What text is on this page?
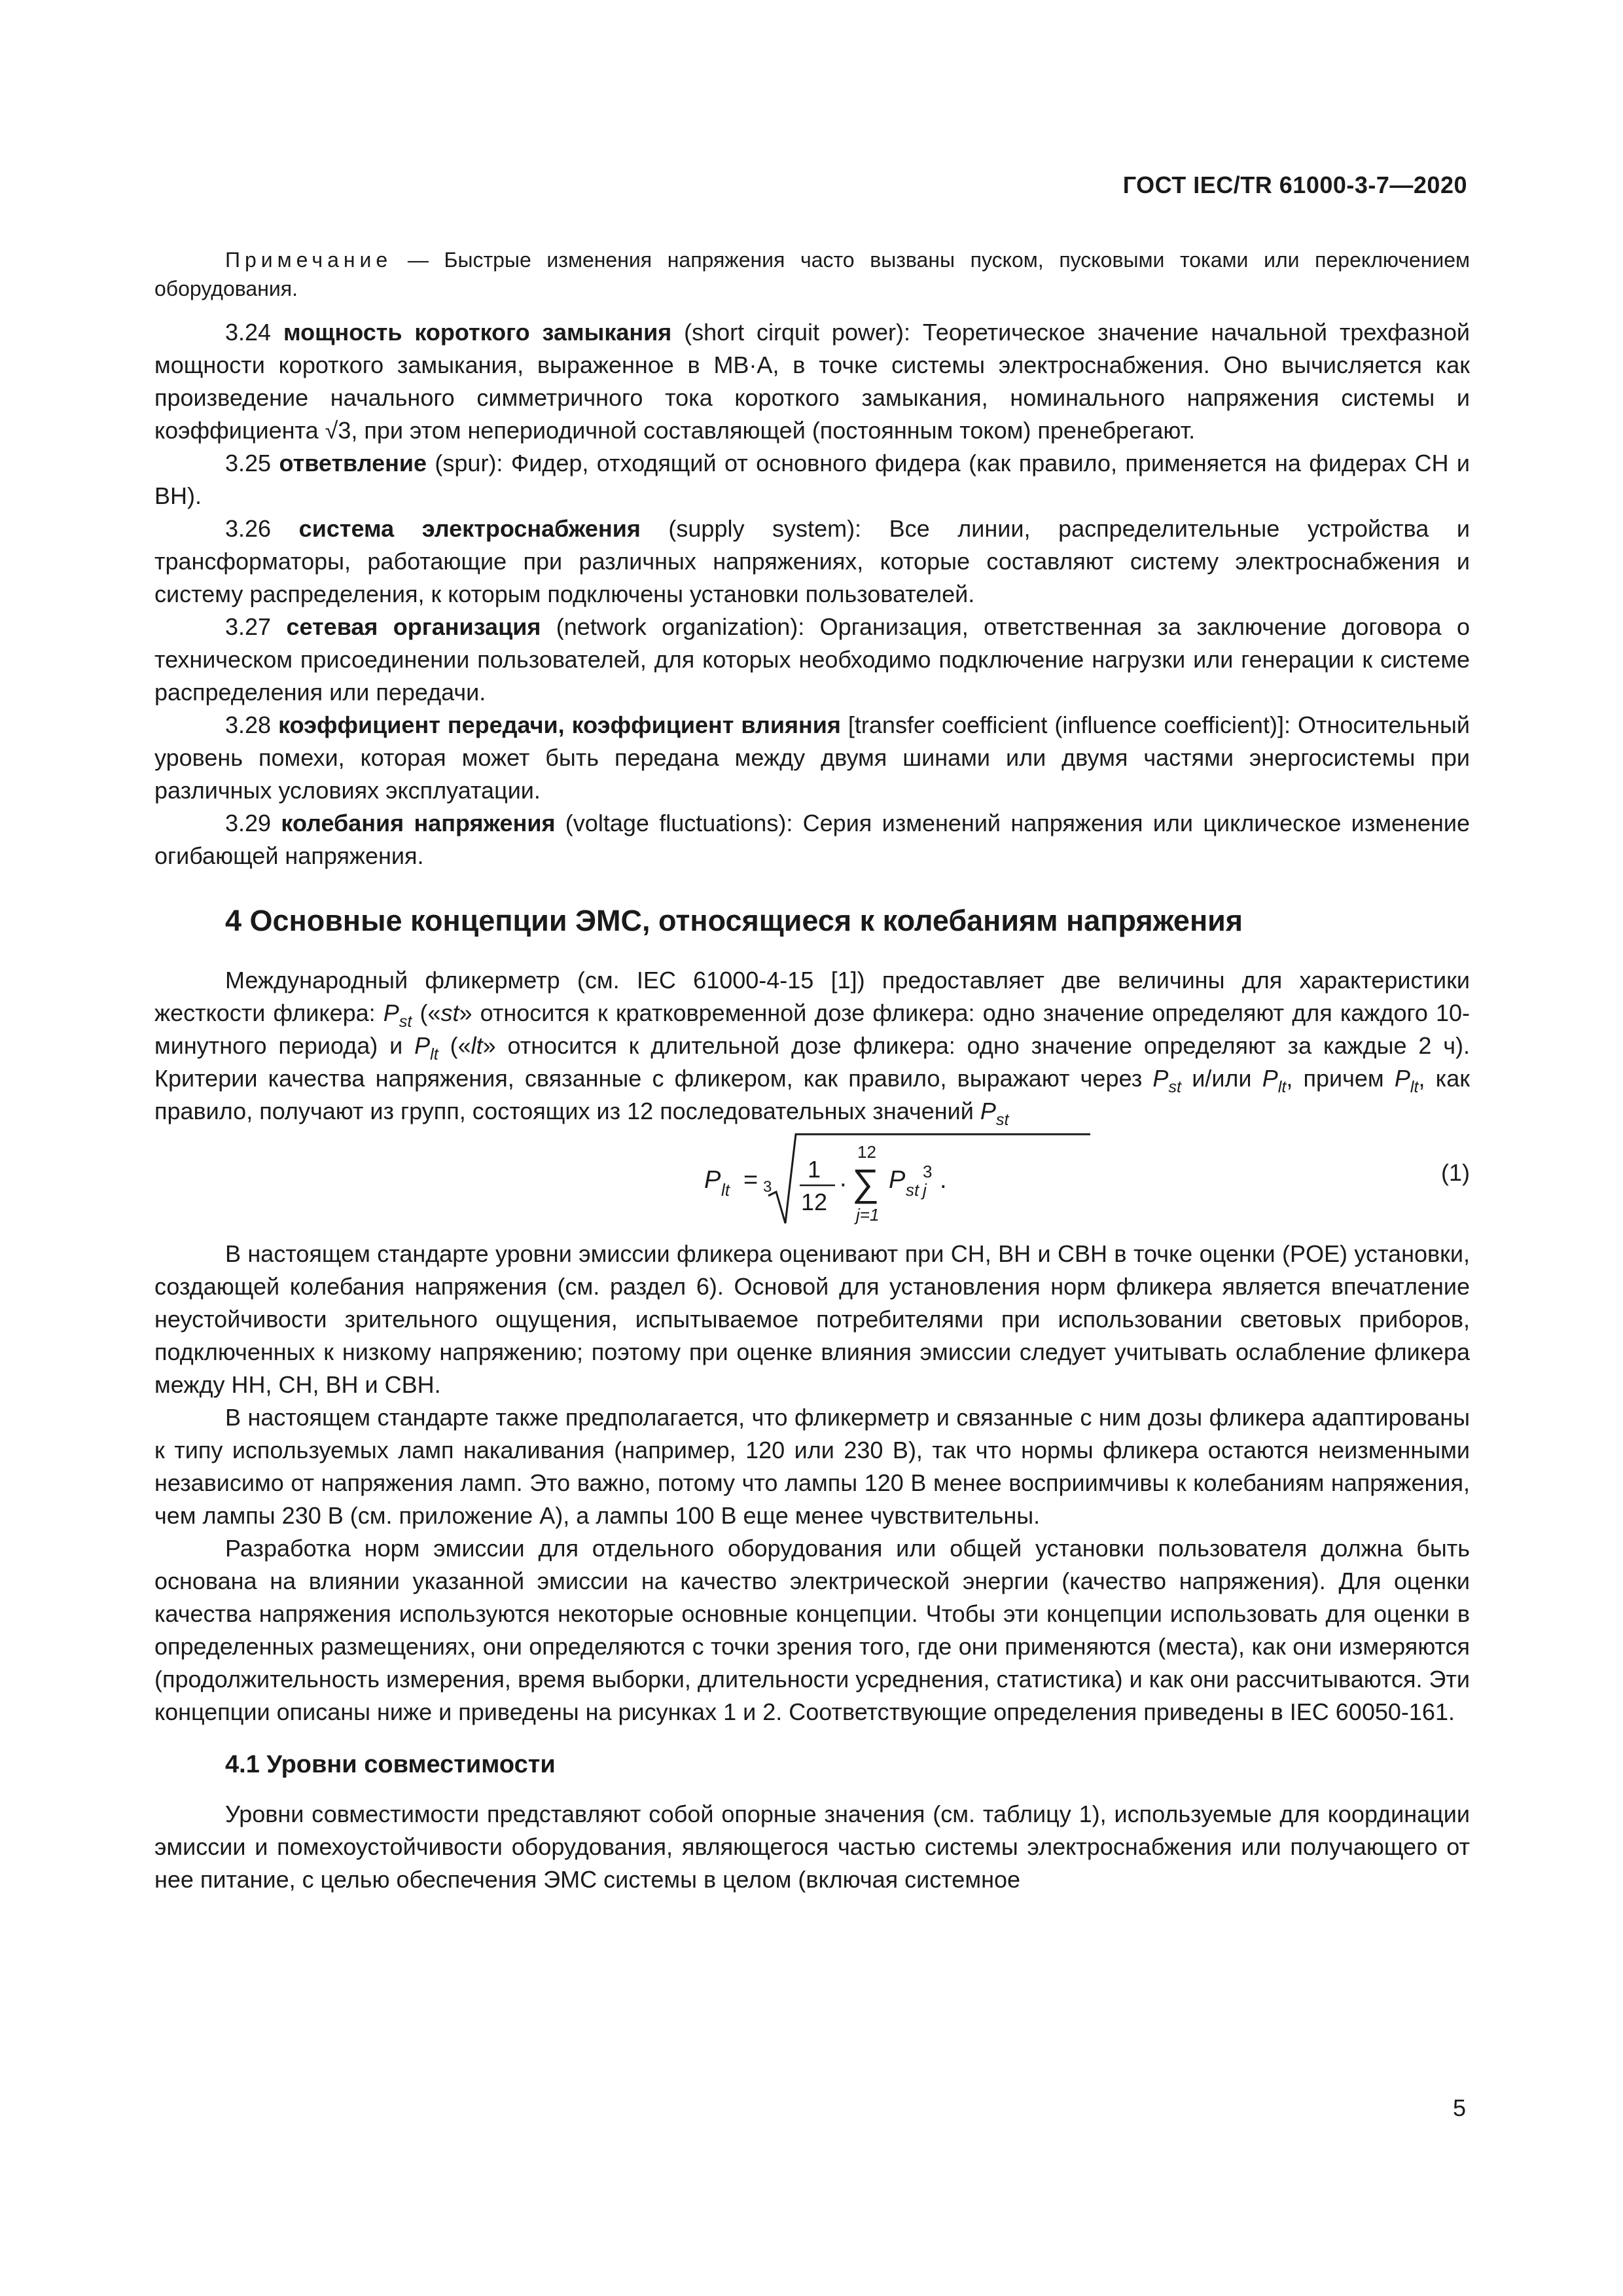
ГОСТ IEC/TR 61000-3-7—2020

Примечание — Быстрые изменения напряжения часто вызваны пуском, пусковыми токами или переключением оборудования.

3.24 мощность короткого замыкания (short cirquit power): Теоретическое значение начальной трехфазной мощности короткого замыкания, выраженное в МВ·А, в точке системы электроснабжения. Оно вычисляется как произведение начального симметричного тока короткого замыкания, номинального напряжения системы и коэффициента √3, при этом непериодичной составляющей (постоянным током) пренебрегают.

3.25 ответвление (spur): Фидер, отходящий от основного фидера (как правило, применяется на фидерах СН и ВН).

3.26 система электроснабжения (supply system): Все линии, распределительные устройства и трансформаторы, работающие при различных напряжениях, которые составляют систему электроснабжения и систему распределения, к которым подключены установки пользователей.

3.27 сетевая организация (network organization): Организация, ответственная за заключение договора о техническом присоединении пользователей, для которых необходимо подключение нагрузки или генерации к системе распределения или передачи.

3.28 коэффициент передачи, коэффициент влияния [transfer coefficient (influence coefficient)]: Относительный уровень помехи, которая может быть передана между двумя шинами или двумя частями энергосистемы при различных условиях эксплуатации.

3.29 колебания напряжения (voltage fluctuations): Серия изменений напряжения или циклическое изменение огибающей напряжения.

4 Основные концепции ЭМС, относящиеся к колебаниям напряжения

Международный фликерметр (см. IEC 61000-4-15 [1]) предоставляет две величины для характеристики жесткости фликера: $P_{st}$ («st» относится к кратковременной дозе фликера: одно значение определяют для каждого 10-минутного периода) и $P_{lt}$ («lt» относится к длительной дозе фликера: одно значение определяют за каждые 2 ч). Критерии качества напряжения, связанные с фликером, как правило, выражают через $P_{st}$ и/или $P_{lt}$, причем $P_{lt}$, как правило, получают из групп, состоящих из 12 последовательных значений $P_{st}$

P lt = 3
1
12
·
12
∑
j=1
P st j
3 .	(1)

В настоящем стандарте уровни эмиссии фликера оценивают при СН, ВН и СВН в точке оценки (POE) установки, создающей колебания напряжения (см. раздел 6). Основой для установления норм фликера является впечатление неустойчивости зрительного ощущения, испытываемое потребителями при использовании световых приборов, подключенных к низкому напряжению; поэтому при оценке влияния эмиссии следует учитывать ослабление фликера между НН, СН, ВН и СВН.

В настоящем стандарте также предполагается, что фликерметр и связанные с ним дозы фликера адаптированы к типу используемых ламп накаливания (например, 120 или 230 В), так что нормы фликера остаются неизменными независимо от напряжения ламп. Это важно, потому что лампы 120 В менее восприимчивы к колебаниям напряжения, чем лампы 230 В (см. приложение А), а лампы 100 В еще менее чувствительны.

Разработка норм эмиссии для отдельного оборудования или общей установки пользователя должна быть основана на влиянии указанной эмиссии на качество электрической энергии (качество напряжения). Для оценки качества напряжения используются некоторые основные концепции. Чтобы эти концепции использовать для оценки в определенных размещениях, они определяются с точки зрения того, где они применяются (места), как они измеряются (продолжительность измерения, время выборки, длительности усреднения, статистика) и как они рассчитываются. Эти концепции описаны ниже и приведены на рисунках 1 и 2. Соответствующие определения приведены в IEC 60050-161.

4.1 Уровни совместимости

Уровни совместимости представляют собой опорные значения (см. таблицу 1), используемые для координации эмиссии и помехоустойчивости оборудования, являющегося частью системы электроснабжения или получающего от нее питание, с целью обеспечения ЭМС системы в целом (включая системное

5
